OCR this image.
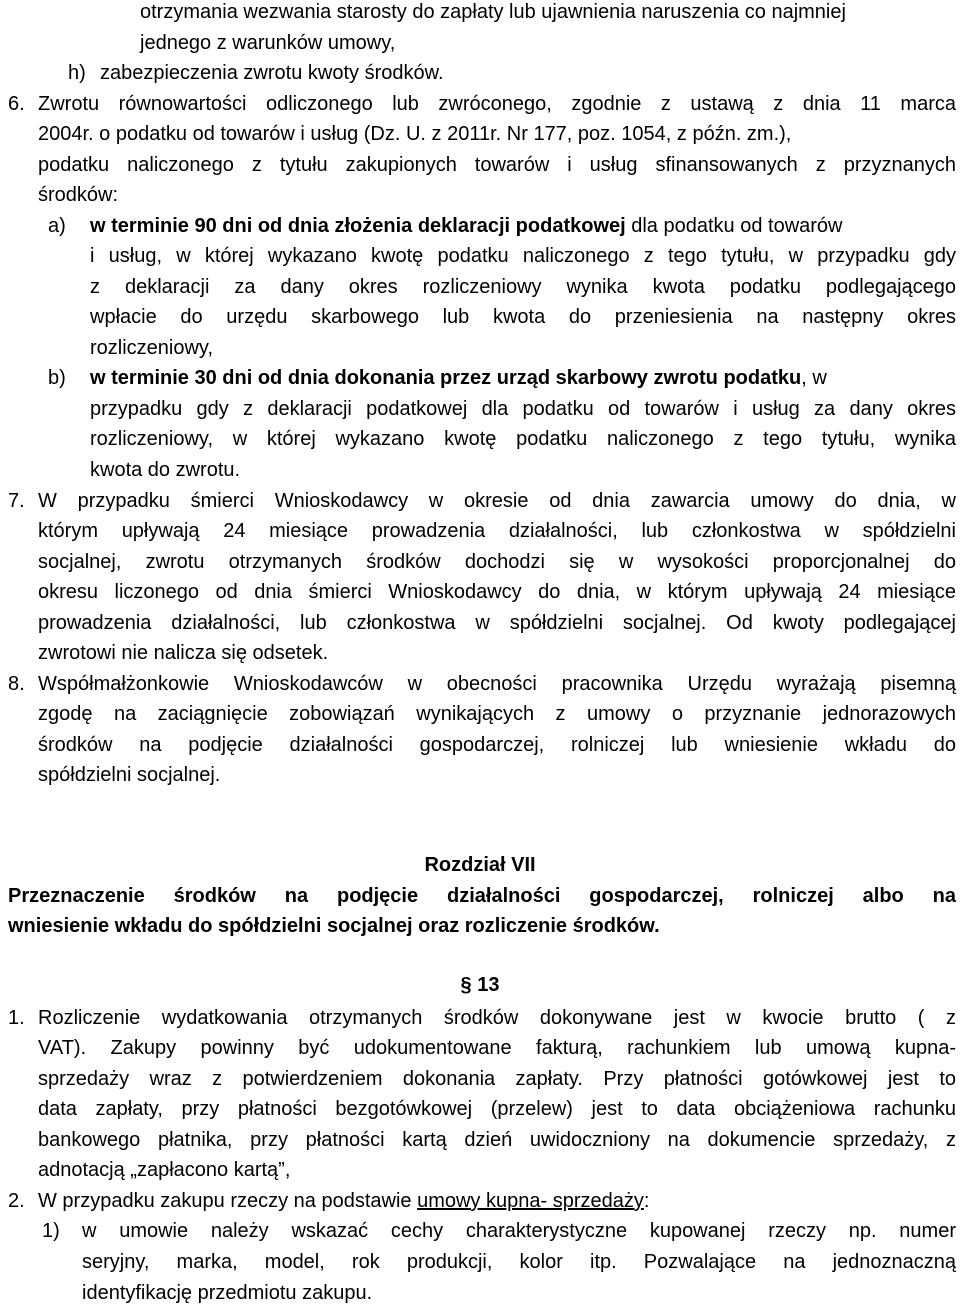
otrzymania wezwania starosty do zapłaty lub ujawnienia naruszenia co najmniej
jednego z warunków umowy,
h) zabezpieczenia zwrotu kwoty środków.
6. Zwrotu równowartości odliczonego lub zwróconego, zgodnie z ustawą z dnia 11 marca
2004r. o podatku od towarów i usług (Dz. U. z 2011r. Nr 177, poz. 1054, z późn. zm.),
podatku naliczonego z tytułu zakupionych towarów i usług sfinansowanych z przyznanych
środków:
a) w terminie 90 dni od dnia złożenia deklaracji podatkowej dla podatku od towarów
i usług, w której wykazano kwotę podatku naliczonego z tego tytułu, w przypadku gdy
z deklaracji za dany okres rozliczeniowy wynika kwota podatku podlegającego
wpłacie do urzędu skarbowego lub kwota do przeniesienia na następny okres
rozliczeniowy,
b) w terminie 30 dni od dnia dokonania przez urząd skarbowy zwrotu podatku, w
przypadku gdy z deklaracji podatkowej dla podatku od towarów i usług za dany okres
rozliczeniowy, w której wykazano kwotę podatku naliczonego z tego tytułu, wynika
kwota do zwrotu.
7. W przypadku śmierci Wnioskodawcy w okresie od dnia zawarcia umowy do dnia, w
którym upływają 24 miesiące prowadzenia działalności, lub członkostwa w spółdzielni
socjalnej, zwrotu otrzymanych środków dochodzi się w wysokości proporcjonalnej do
okresu liczonego od dnia śmierci Wnioskodawcy do dnia, w którym upływają 24 miesiące
prowadzenia działalności, lub członkostwa w spółdzielni socjalnej. Od kwoty podlegającej
zwrotowi nie nalicza się odsetek.
8. Współmałżonkowie Wnioskodawców w obecności pracownika Urzędu wyrażają pisemną
zgodę na zaciągnięcie zobowiązań wynikających z umowy o przyznanie jednorazowych
środków na podjęcie działalności gospodarczej, rolniczej lub wniesienie wkładu do
spółdzielni socjalnej.
Rozdział VII
Przeznaczenie środków na podjęcie działalności gospodarczej, rolniczej albo na
wniesienie wkładu do spółdzielni socjalnej oraz rozliczenie środków.
§ 13
1. Rozliczenie wydatkowania otrzymanych środków dokonywane jest w kwocie brutto ( z
VAT). Zakupy powinny być udokumentowane fakturą, rachunkiem lub umową kupna-
sprzedaży wraz z potwierdzeniem dokonania zapłaty. Przy płatności gotówkowej jest to
data zapłaty, przy płatności bezgotówkowej (przelew) jest to data obciążeniowa rachunku
bankowego płatnika, przy płatności kartą dzień uwidoczniony na dokumencie sprzedaży, z
adnotacją „zapłacono kartą”,
2. W przypadku zakupu rzeczy na podstawie umowy kupna- sprzedaży:
1) w umowie należy wskazać cechy charakterystyczne kupowanej rzeczy np. numer
seryjny, marka, model, rok produkcji, kolor itp. Pozwalające na jednoznaczną
identyfikację przedmiotu zakupu.
